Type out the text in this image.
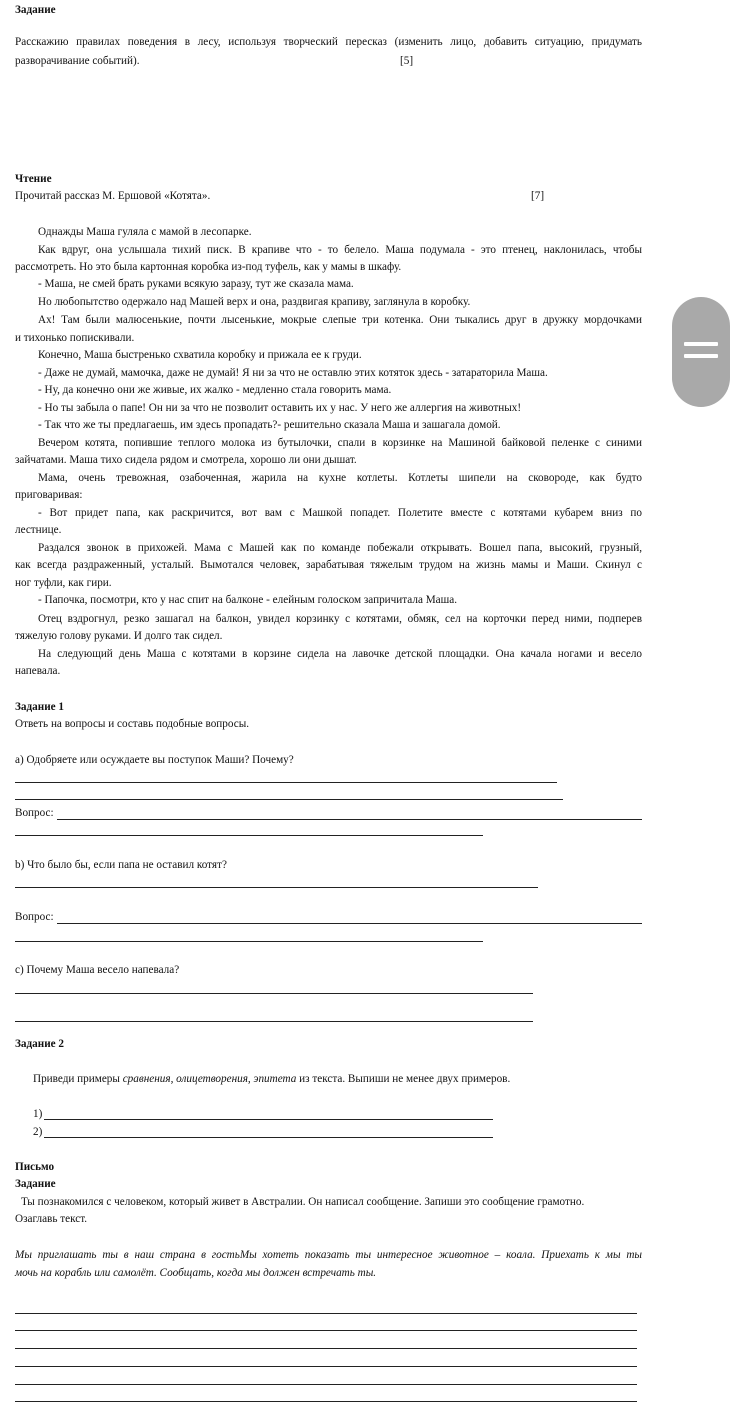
Задание
Расскажию правилах поведения в лесу, используя творческий пересказ (изменить лицо, добавить ситуацию, придумать
разворачивание событий).	[5]
Чтение
Прочитай рассказ М. Ершовой «Котята».	[7]
Однажды Маша гуляла с мамой в лесопарке.
Как вдруг, она услышала тихий писк. В крапиве что - то белело. Маша подумала - это птенец, наклонилась, чтобы
рассмотреть. Но это была картонная коробка из-под туфель, как у мамы в шкафу.
- Маша, не смей брать руками всякую заразу, тут же сказала мама.
Но любопытство одержало над Машей верх и она, раздвигая крапиву, заглянула в коробку.
Ах! Там были малюсенькие, почти лысенькие, мокрые слепые три котенка. Они тыкались друг в дружку мордочками
и тихонько попискивали.
Конечно, Маша быстренько схватила коробку и прижала ее к груди.
- Даже не думай, мамочка, даже не думай! Я ни за что не оставлю этих котяток здесь - затараторила Маша.
- Ну, да конечно они же живые, их жалко - медленно стала говорить мама.
- Но ты забыла о папе! Он ни за что не позволит оставить их у нас. У него же аллергия на животных!
- Так что же ты предлагаешь, им здесь пропадать?- решительно сказала Маша и зашагала домой.
Вечером котята, попившие теплого молока из бутылочки, спали в корзинке на Машиной байковой пеленке с синими
зайчатами. Маша тихо сидела рядом и смотрела, хорошо ли они дышат.
Мама, очень тревожная, озабоченная, жарила на кухне котлеты. Котлеты шипели на сковороде, как будто
приговаривая:
- Вот придет папа, как раскричится, вот вам с Машкой попадет. Полетите вместе с котятами кубарем вниз по
лестнице.
Раздался звонок в прихожей. Мама с Машей как по команде побежали открывать. Вошел папа, высокий, грузный,
как всегда раздраженный, усталый. Вымотался человек, зарабатывая тяжелым трудом на жизнь мамы и Маши. Скинул с
ног туфли, как гири.
- Папочка, посмотри, кто у нас спит на балконе - елейным голоском запричитала Маша.
Отец вздрогнул, резко зашагал на балкон, увидел корзинку с котятами, обмяк, сел на корточки перед ними, подперев
тяжелую голову руками. И долго так сидел.
На следующий день Маша с котятами в корзине сидела на лавочке детской площадки. Она качала ногами и весело
напевала.
Задание 1
Ответь на вопросы и составь подобные вопросы.
a) Одобряете или осуждаете вы поступок Маши? Почему?
Вопрос:
b) Что было бы, если папа не оставил котят?
Вопрос:
c) Почему Маша весело напевала?
Задание 2
Приведи примеры сравнения, олицетворения, эпитета из текста. Выпиши не менее двух примеров.
1)
2)
Письмо
Задание
Ты познакомился с человеком, который живет в Австралии. Он написал сообщение. Запиши это сообщение грамотно.
Озаглавь текст.
Мы приглашать ты в наш страна в гостьМы хотеть показать ты интересное животное – коала. Приехать к мы ты
мочь на корабль или самолёт. Сообщать, когда мы должен встречать ты.
